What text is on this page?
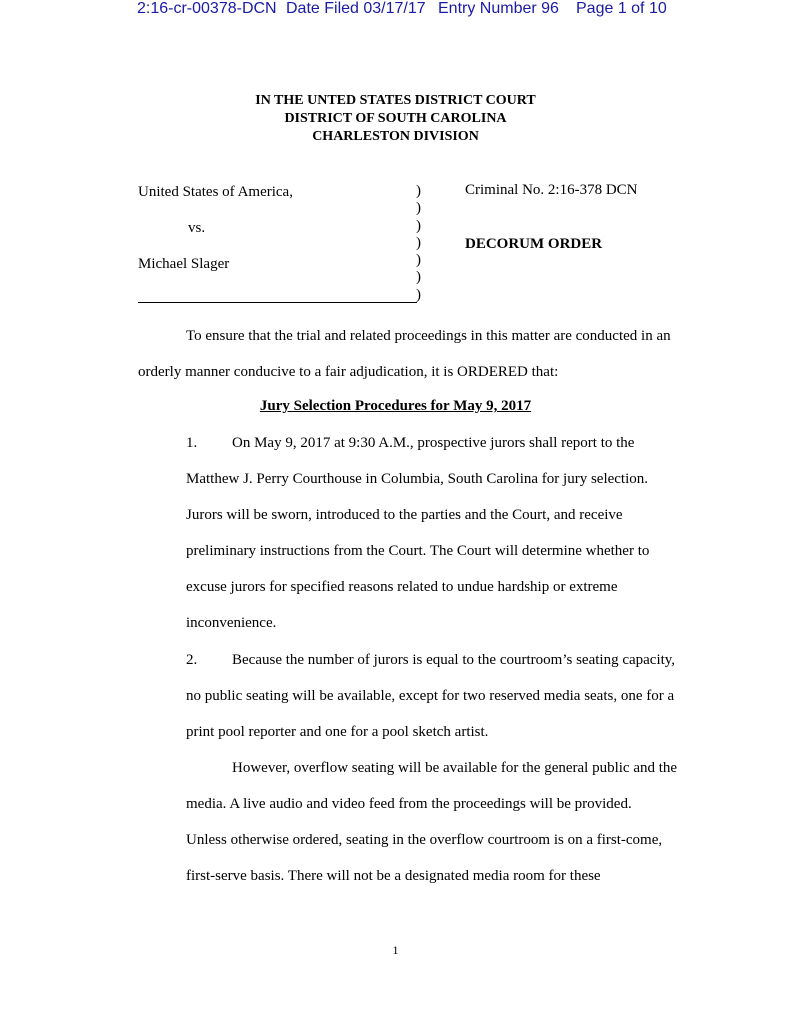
2:16-cr-00378-DCN Date Filed 03/17/17 Entry Number 96 Page 1 of 10
IN THE UNTED STATES DISTRICT COURT
DISTRICT OF SOUTH CAROLINA
CHARLESTON DIVISION
United States of America,
vs.
Michael Slager
)
)
)
)
)
)
)
Criminal No. 2:16-378 DCN
DECORUM ORDER
To ensure that the trial and related proceedings in this matter are conducted in an
orderly manner conducive to a fair adjudication, it is ORDERED that:
Jury Selection Procedures for May 9, 2017
1. On May 9, 2017 at 9:30 A.M., prospective jurors shall report to the
Matthew J. Perry Courthouse in Columbia, South Carolina for jury selection.
Jurors will be sworn, introduced to the parties and the Court, and receive
preliminary instructions from the Court. The Court will determine whether to
excuse jurors for specified reasons related to undue hardship or extreme
inconvenience.
2. Because the number of jurors is equal to the courtroom’s seating capacity,
no public seating will be available, except for two reserved media seats, one for a
print pool reporter and one for a pool sketch artist.
However, overflow seating will be available for the general public and the
media. A live audio and video feed from the proceedings will be provided.
Unless otherwise ordered, seating in the overflow courtroom is on a first-come,
first-serve basis. There will not be a designated media room for these
1
